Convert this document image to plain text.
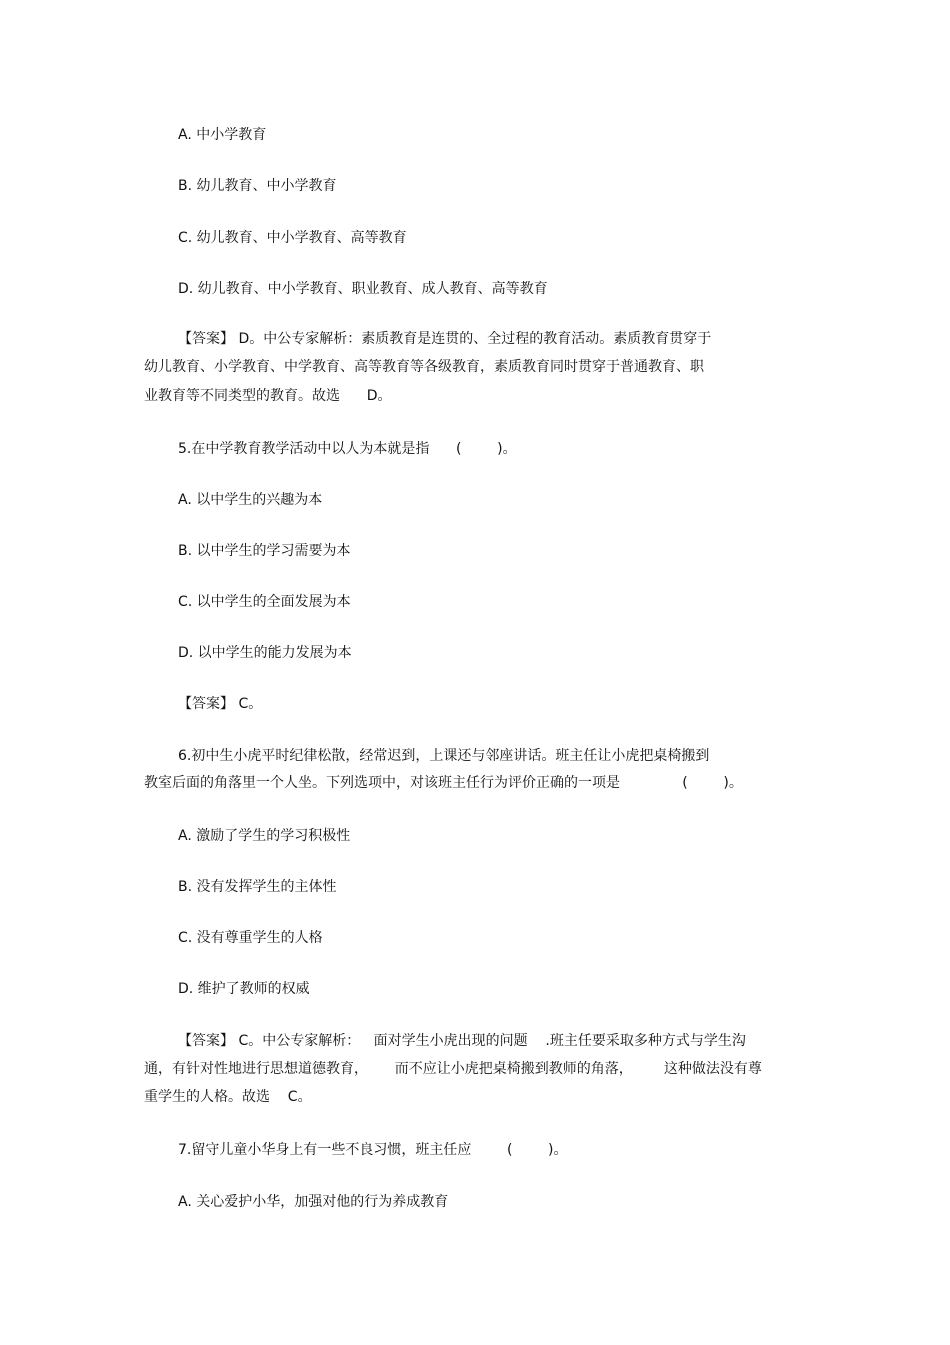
A. 中小学教育
B. 幼儿教育、中小学教育
C. 幼儿教育、中小学教育、高等教育
D. 幼儿教育、中小学教育、职业教育、成人教育、高等教育
【答案】 D。中公专家解析：素质教育是连贯的、全过程的教育活动。素质教育贯穿于
幼儿教育、小学教育、中学教育、高等教育等各级教育，素质教育同时贯穿于普通教育、职
业教育等不同类型的教育。故选      D。
5.在中学教育教学活动中以人为本就是指      (        )。
A. 以中学生的兴趣为本
B. 以中学生的学习需要为本
C. 以中学生的全面发展为本
D. 以中学生的能力发展为本
【答案】 C。
6.初中生小虎平时纪律松散，经常迟到，上课还与邻座讲话。班主任让小虎把桌椅搬到
教室后面的角落里一个人坐。下列选项中，对该班主任行为评价正确的一项是              (        )。
A. 激励了学生的学习积极性
B. 没有发挥学生的主体性
C. 没有尊重学生的人格
D. 维护了教师的权威
【答案】 C。中公专家解析：   面对学生小虎出现的问题    .班主任要采取多种方式与学生沟
通，有针对性地进行思想道德教育，      而不应让小虎把桌椅搬到教师的角落，       这种做法没有尊
重学生的人格。故选    C。
7.留守儿童小华身上有一些不良习惯，班主任应        (        )。
A. 关心爱护小华，加强对他的行为养成教育
